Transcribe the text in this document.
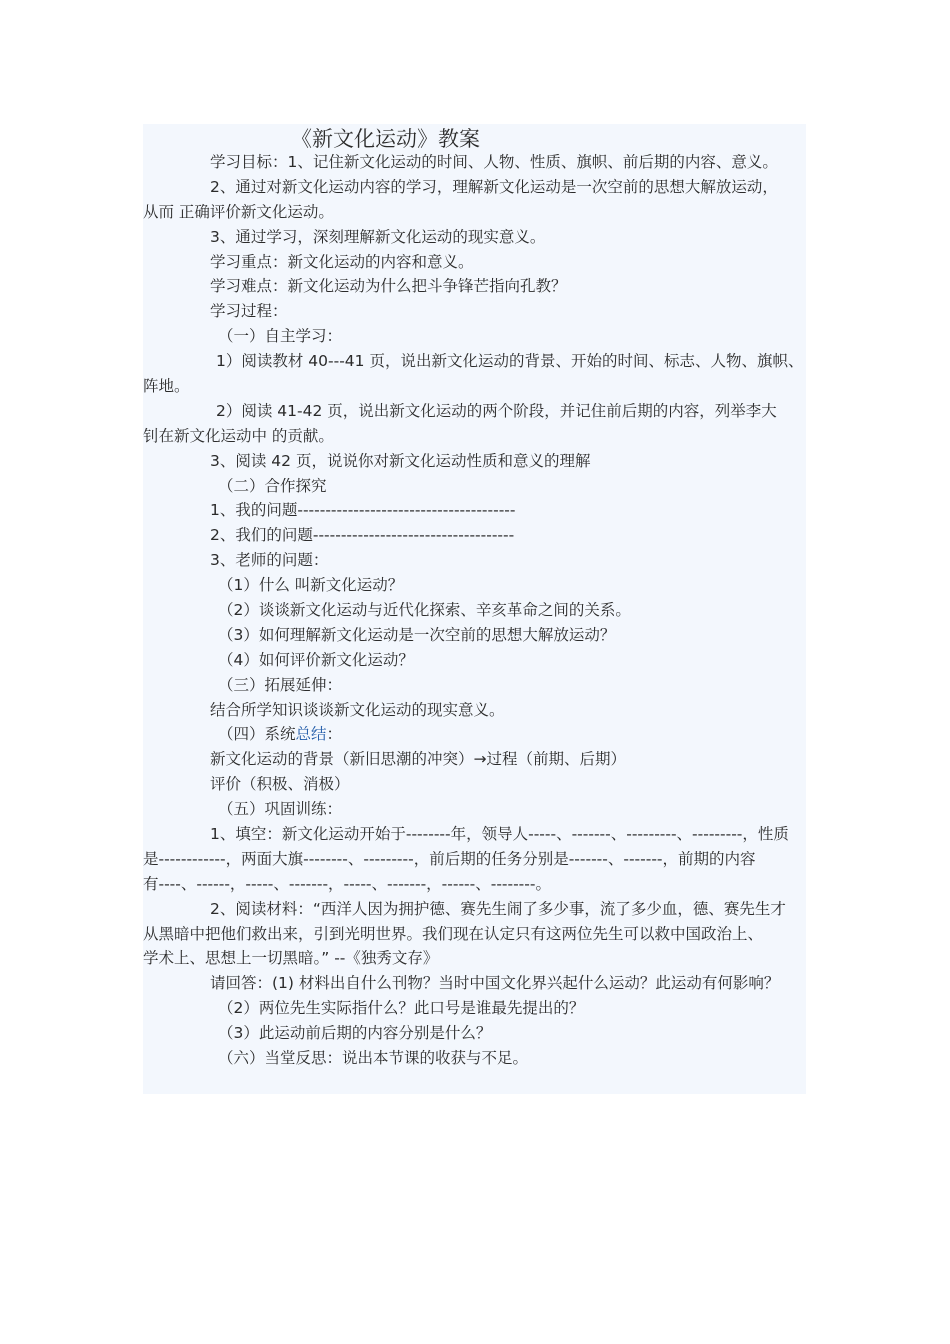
《新文化运动》教案
学习目标：1、记住新文化运动的时间、人物、性质、旗帜、前后期的内容、意义。
2、通过对新文化运动内容的学习，理解新文化运动是一次空前的思想大解放运动，
从而 正确评价新文化运动。
3、通过学习，深刻理解新文化运动的现实意义。
学习重点：新文化运动的内容和意义。
学习难点：新文化运动为什么把斗争锋芒指向孔教？
学习过程：
（一）自主学习：
1）阅读教材 40---41 页，说出新文化运动的背景、开始的时间、标志、人物、旗帜、
阵地。
2）阅读 41-42 页，说出新文化运动的两个阶段，并记住前后期的内容，列举李大
钊在新文化运动中 的贡献。
3、阅读 42 页，说说你对新文化运动性质和意义的理解
（二）合作探究
1、我的问题---------------------------------------
2、我们的问题------------------------------------
3、老师的问题：
（1）什么 叫新文化运动？
（2）谈谈新文化运动与近代化探索、辛亥革命之间的关系。
（3）如何理解新文化运动是一次空前的思想大解放运动？
（4）如何评价新文化运动？
（三）拓展延伸：
结合所学知识谈谈新文化运动的现实意义。
（四）系统总结：
新文化运动的背景（新旧思潮的冲突）→过程（前期、后期）
评价（积极、消极）
（五）巩固训练：
1、填空：新文化运动开始于--------年，领导人-----、-------、---------、---------，性质
是------------，两面大旗--------、---------，前后期的任务分别是-------、-------，前期的内容
有----、------，-----、-------，-----、-------，------、--------。
2、阅读材料：“西洋人因为拥护德、赛先生闹了多少事，流了多少血，德、赛先生才
从黑暗中把他们救出来，引到光明世界。我们现在认定只有这两位先生可以救中国政治上、
学术上、思想上一切黑暗。” --《独秀文存》
请回答：(1) 材料出自什么刊物？当时中国文化界兴起什么运动？此运动有何影响？
（2）两位先生实际指什么？此口号是谁最先提出的？
（3）此运动前后期的内容分别是什么？
（六）当堂反思：说出本节课的收获与不足。
